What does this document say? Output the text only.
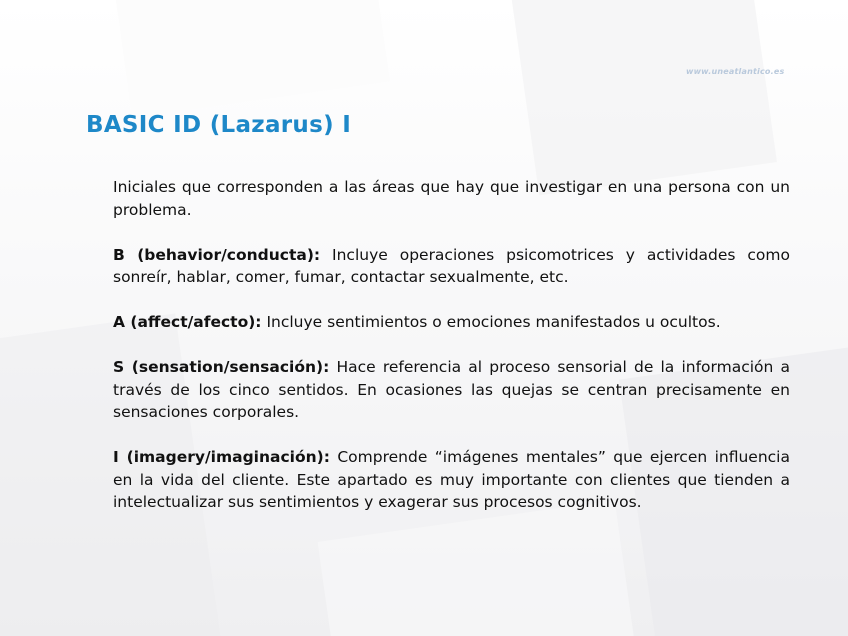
www.uneatlantico.es
BASIC ID (Lazarus) I

Iniciales que corresponden a las áreas que hay que investigar en una persona con un problema.

B (behavior/conducta): Incluye operaciones psicomotrices y actividades como sonreír, hablar, comer, fumar, contactar sexualmente, etc.

A (affect/afecto): Incluye sentimientos o emociones manifestados u ocultos.

S (sensation/sensación): Hace referencia al proceso sensorial de la información a través de los cinco sentidos. En ocasiones las quejas se centran precisamente en sensaciones corporales.

I (imagery/imaginación): Comprende “imágenes mentales” que ejercen influencia en la vida del cliente. Este apartado es muy importante con clientes que tienden a intelectualizar sus sentimientos y exagerar sus procesos cognitivos.
